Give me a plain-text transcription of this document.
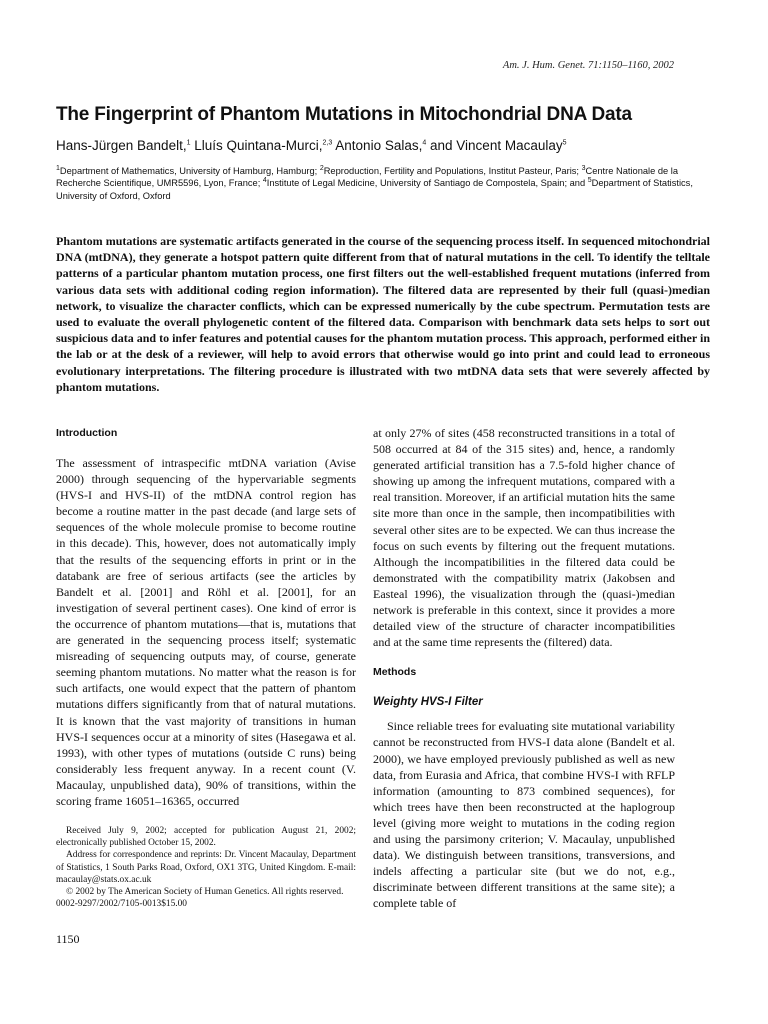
Am. J. Hum. Genet. 71:1150–1160, 2002
The Fingerprint of Phantom Mutations in Mitochondrial DNA Data
Hans-Jürgen Bandelt,$^1$ Lluís Quintana-Murci,$^{2,3}$ Antonio Salas,$^4$ and Vincent Macaulay$^5$
$^1$Department of Mathematics, University of Hamburg, Hamburg; $^2$Reproduction, Fertility and Populations, Institut Pasteur, Paris; $^3$Centre Nationale de la Recherche Scientifique, UMR5596, Lyon, France; $^4$Institute of Legal Medicine, University of Santiago de Compostela, Spain; and $^5$Department of Statistics, University of Oxford, Oxford

Phantom mutations are systematic artifacts generated in the course of the sequencing process itself. In sequenced mitochondrial DNA (mtDNA), they generate a hotspot pattern quite different from that of natural mutations in the cell. To identify the telltale patterns of a particular phantom mutation process, one first filters out the well-established frequent mutations (inferred from various data sets with additional coding region information). The filtered data are represented by their full (quasi-)median network, to visualize the character conflicts, which can be expressed numerically by the cube spectrum. Permutation tests are used to evaluate the overall phylogenetic content of the filtered data. Comparison with benchmark data sets helps to sort out suspicious data and to infer features and potential causes for the phantom mutation process. This approach, performed either in the lab or at the desk of a reviewer, will help to avoid errors that otherwise would go into print and could lead to erroneous evolutionary interpretations. The filtering procedure is illustrated with two mtDNA data sets that were severely affected by phantom mutations.

Introduction

The assessment of intraspecific mtDNA variation (Avise 2000) through sequencing of the hypervariable segments (HVS-I and HVS-II) of the mtDNA control region has become a routine matter in the past decade (and large sets of sequences of the whole molecule promise to become routine in this decade). This, however, does not automatically imply that the results of the sequencing efforts in print or in the databank are free of serious artifacts (see the articles by Bandelt et al. [2001] and Röhl et al. [2001], for an investigation of several pertinent cases). One kind of error is the occurrence of phantom mutations—that is, mutations that are generated in the sequencing process itself; systematic misreading of sequencing outputs may, of course, generate seeming phantom mutations. No matter what the reason is for such artifacts, one would expect that the pattern of phantom mutations differs significantly from that of natural mutations. It is known that the vast majority of transitions in human HVS-I sequences occur at a minority of sites (Hasegawa et al. 1993), with other types of mutations (outside C runs) being considerably less frequent anyway. In a recent count (V. Macaulay, unpublished data), 90% of transitions, within the scoring frame 16051–16365, occurred

Received July 9, 2002; accepted for publication August 21, 2002; electronically published October 15, 2002.

Address for correspondence and reprints: Dr. Vincent Macaulay, Department of Statistics, 1 South Parks Road, Oxford, OX1 3TG, United Kingdom. E-mail: macaulay@stats.ox.ac.uk

© 2002 by The American Society of Human Genetics. All rights reserved.

0002-9297/2002/7105-0013$15.00

at only 27% of sites (458 reconstructed transitions in a total of 508 occurred at 84 of the 315 sites) and, hence, a randomly generated artificial transition has a 7.5-fold higher chance of showing up among the infrequent mutations, compared with a real transition. Moreover, if an artificial mutation hits the same site more than once in the sample, then incompatibilities with several other sites are to be expected. We can thus increase the focus on such events by filtering out the frequent mutations. Although the incompatibilities in the filtered data could be demonstrated with the compatibility matrix (Jakobsen and Easteal 1996), the visualization through the (quasi-)median network is preferable in this context, since it provides a more detailed view of the structure of character incompatibilities and at the same time represents the (filtered) data.

Methods
Weighty HVS-I Filter

Since reliable trees for evaluating site mutational variability cannot be reconstructed from HVS-I data alone (Bandelt et al. 2000), we have employed previously published as well as new data, from Eurasia and Africa, that combine HVS-I with RFLP information (amounting to 873 combined sequences), for which trees have then been reconstructed at the haplogroup level (giving more weight to mutations in the coding region and using the parsimony criterion; V. Macaulay, unpublished data). We distinguish between transitions, transversions, and indels affecting a particular site (but we do not, e.g., discriminate between different transitions at the same site); a complete table of

1150
